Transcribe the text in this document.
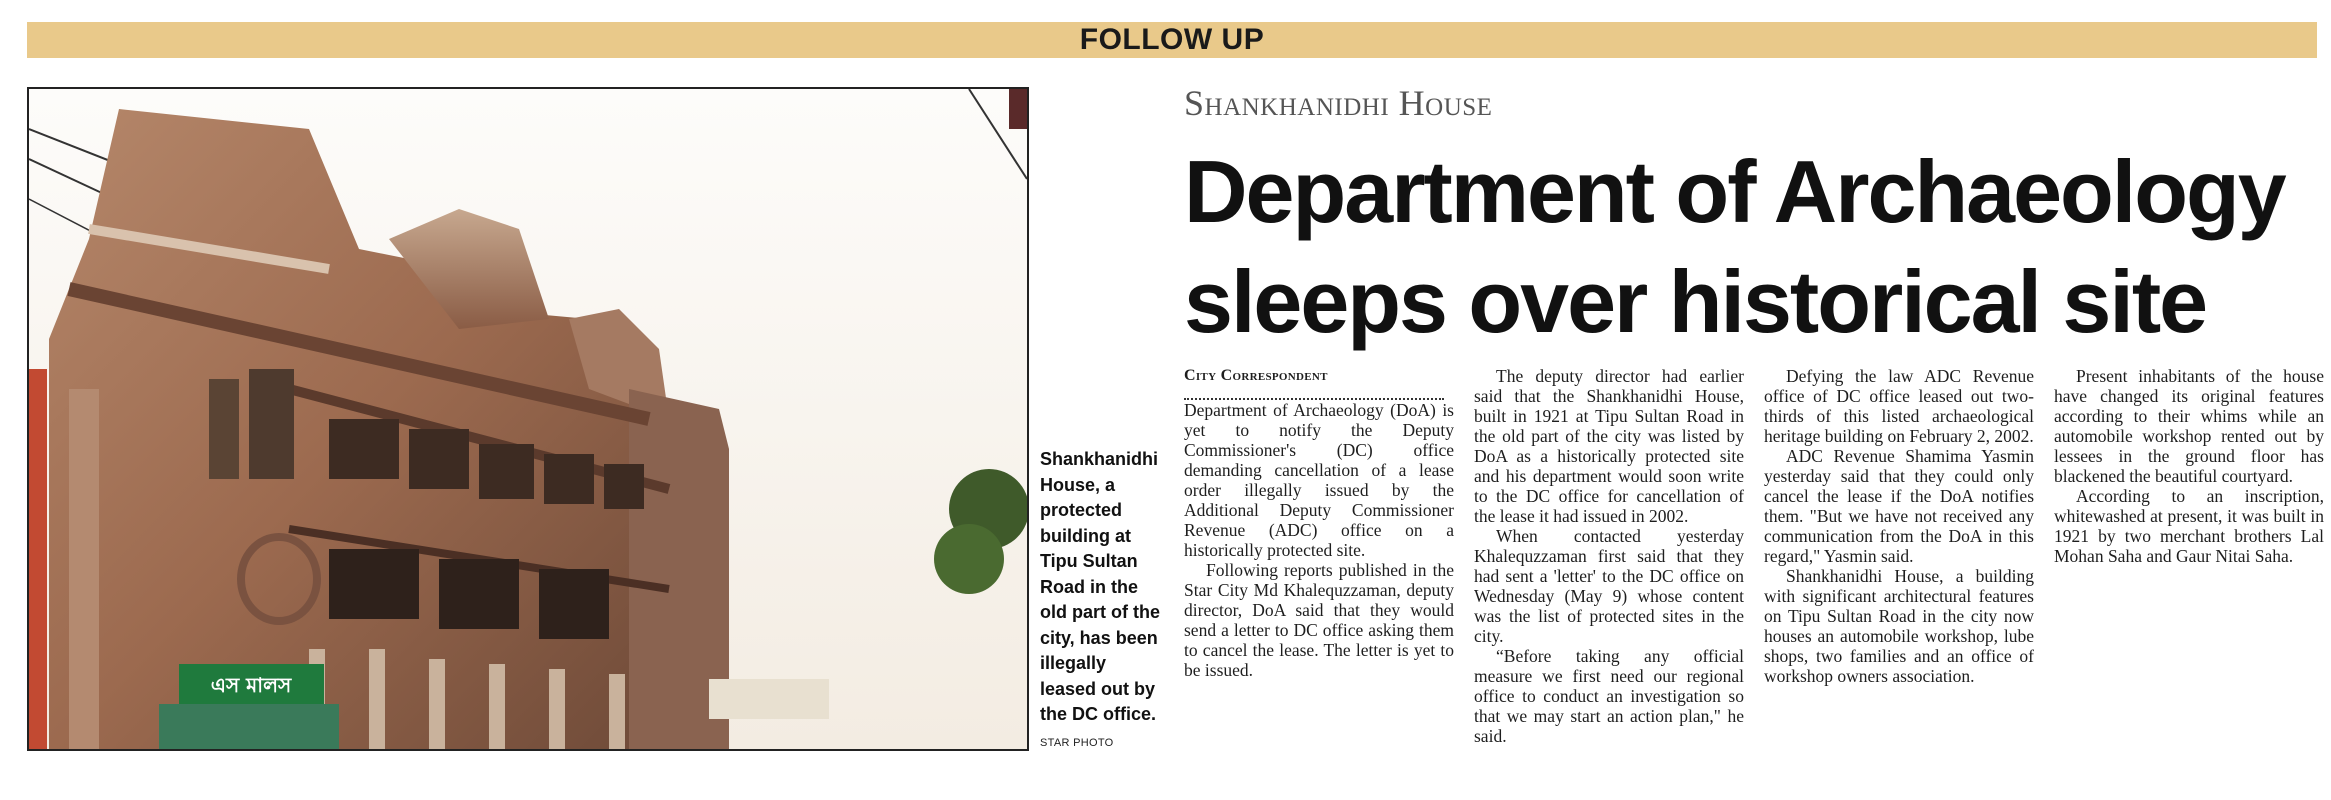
FOLLOW UP
এস মালস
Shankhanidhi House, a protected building at Tipu Sultan Road in the old part of the city, has been illegally leased out by the DC office.
STAR PHOTO
Shankhanidhi House
Department of Archaeology
sleeps over historical site

City Correspondent

Department of Archaeology (DoA) is yet to notify the Deputy Commissioner's (DC) office demanding cancellation of a lease order illegally issued by the Additional Deputy Commissioner Revenue (ADC) office on a historically protected site.

Following reports published in the Star City Md Khalequzzaman, deputy director, DoA said that they would send a letter to DC office asking them to cancel the lease. The letter is yet to be issued.

The deputy director had earlier said that the Shankhanidhi House, built in 1921 at Tipu Sultan Road in the old part of the city was listed by DoA as a historically protected site and his department would soon write to the DC office for cancellation of the lease it had issued in 2002.

When contacted yesterday Khalequzzaman first said that they had sent a 'letter' to the DC office on Wednesday (May 9) whose content was the list of protected sites in the city.

“Before taking any official measure we first need our regional office to conduct an investigation so that we may start an action plan," he said.

Defying the law ADC Revenue office of DC office leased out two-thirds of this listed archaeological heritage building on February 2, 2002.

ADC Revenue Shamima Yasmin yesterday said that they could only cancel the lease if the DoA notifies them. "But we have not received any communication from the DoA in this regard," Yasmin said.

Shankhanidhi House, a building with significant architectural features on Tipu Sultan Road in the city now houses an automobile workshop, lube shops, two families and an office of workshop owners association.

Present inhabitants of the house have changed its original features according to their whims while an automobile workshop rented out by lessees in the ground floor has blackened the beautiful courtyard.

According to an inscription, whitewashed at present, it was built in 1921 by two merchant brothers Lal Mohan Saha and Gaur Nitai Saha.
